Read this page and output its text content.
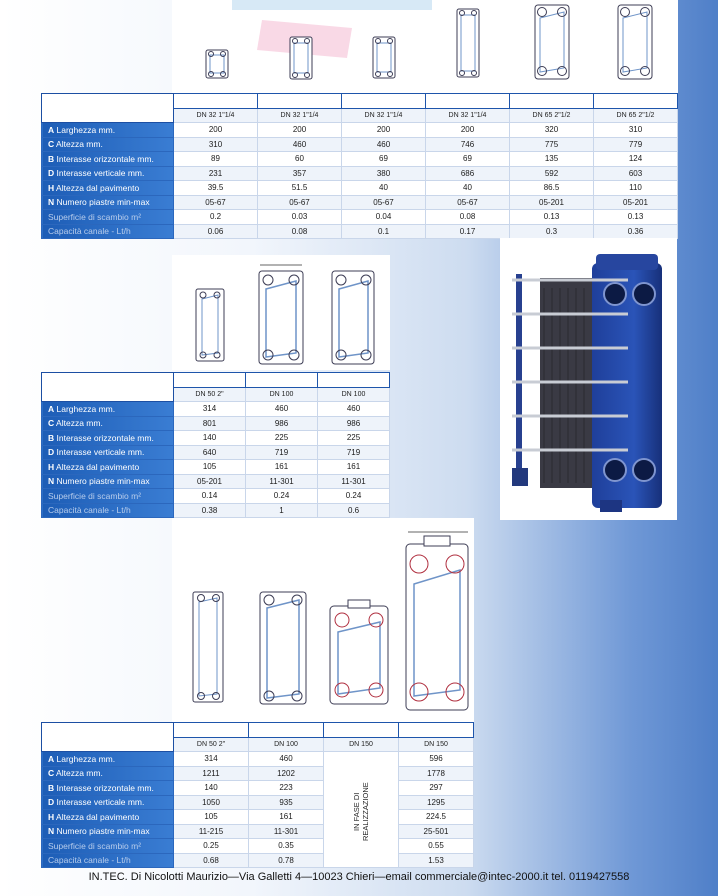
MODELLO	02	03	04	08	12	13
	DN 32 1"1/4	DN 32 1"1/4	DN 32 1"1/4	DN 32 1"1/4	DN 65 2"1/2	DN 65 2"1/2
A Larghezza mm.	200	200	200	200	320	310
C Altezza mm.	310	460	460	746	775	779
B Interasse orizzontale mm.	89	60	69	69	135	124
D Interasse verticale mm.	231	357	380	686	592	603
H Altezza dal pavimento	39.5	51.5	40	40	86.5	110
N Numero piastre min-max	05-67	05-67	05-67	05-67	05-201	05-201
Superficie di scambio m²	0.2	0.03	0.04	0.08	0.13	0.13
Capacità canale - Lt/h	0.06	0.08	0.1	0.17	0.3	0.36
MODELLO	14	23	24
	DN 50 2"	DN 100	DN 100
A Larghezza mm.	314	460	460
C Altezza mm.	801	986	986
B Interasse orizzontale mm.	140	225	225
D Interasse verticale mm.	640	719	719
H Altezza dal pavimento	105	161	161
N Numero piastre min-max	05-201	11-301	11-301
Superficie di scambio m²	0.14	0.24	0.24
Capacità canale - Lt/h	0.38	1	0.6
MODELLO	25	35	21	55
	DN 50 2"	DN 100	DN 150	DN 150
A Larghezza mm.	314	460		596
C Altezza mm.	1211	1202		1778
B Interasse orizzontale mm.	140	223		297
D Interasse verticale mm.	1050	935		1295
H Altezza dal pavimento	105	161		224.5
N Numero piastre min-max	11-215	11-301		25-501
Superficie di scambio m²	0.25	0.35		0.55
Capacità canale - Lt/h	0.68	0.78		1.53
IN FASE DI REALIZZAZIONE
IN.TEC. Di Nicolotti Maurizio—Via Galletti 4—10023 Chieri—email commerciale@intec-2000.it tel. 0119427558
